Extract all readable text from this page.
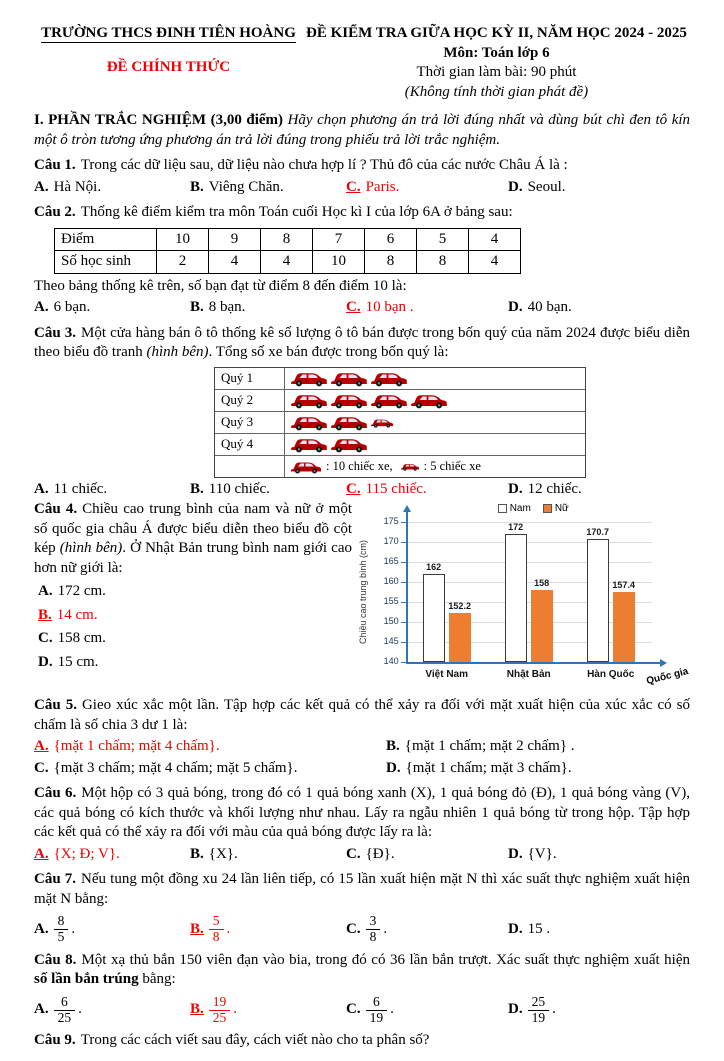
TRƯỜNG THCS ĐINH TIÊN HOÀNG
ĐỀ CHÍNH THỨC
ĐỀ KIỂM TRA GIỮA HỌC KỲ II, NĂM HỌC 2024 - 2025
Môn: Toán lớp 6
Thời gian làm bài: 90 phút
(Không tính thời gian phát đề)

I. PHẦN TRẮC NGHIỆM (3,00 điểm) Hãy chọn phương án trả lời đúng nhất và dùng bút chì đen tô kín một ô tròn tương ứng phương án trả lời đúng trong phiếu trả lời trắc nghiệm.

Câu 1. Trong các dữ liệu sau, dữ liệu nào chưa hợp lí ? Thủ đô của các nước Châu Á là :

A. Hà Nội.	B. Viêng Chăn.	C. Paris.	D. Seoul.

Câu 2. Thống kê điểm kiểm tra môn Toán cuối Học kì I của lớp 6A ở bảng sau:

Điểm	10	9	8	7	6	5	4
Số học sinh	2	4	4	10	8	8	4

Theo bảng thống kê trên, số bạn đạt từ điểm 8 đến điểm 10 là:

A. 6 bạn.	B. 8 bạn.	C. 10 bạn .	D. 40 bạn.

Câu 3. Một cửa hàng bán ô tô thống kê số lượng ô tô bán được trong bốn quý của năm 2024 được biểu diễn theo biểu đồ tranh (hình bên). Tổng số xe bán được trong bốn quý là:

Quý 1
Quý 2
Quý 3
Quý 4
: 10 chiếc xe, : 5 chiếc xe
A. 11 chiếc.	B. 110 chiếc.	C. 115 chiếc.	D. 12 chiếc.

Câu 4. Chiều cao trung bình của nam và nữ ở một số quốc gia châu Á được biểu diễn theo biểu đồ cột kép (hình bên). Ở Nhật Bản trung bình nam giới cao hơn nữ giới là:

A. 172 cm.
B. 14 cm.
C. 158 cm.
D. 15 cm.
Chiều cao trung bình (cm)
Nam Nữ
Quốc gia
140
145
150
155
160
165
170
175
162
152.2
Việt Nam
172
158
Nhật Bản
170.7
157.4
Hàn Quốc

Câu 5. Gieo xúc xắc một lần. Tập hợp các kết quả có thể xảy ra đối với mặt xuất hiện của xúc xắc có số chấm là số chia 3 dư 1 là:

A. {mặt 1 chấm; mặt 4 chấm}.	B. {mặt 1 chấm; mặt 2 chấm} .
C. {mặt 3 chấm; mặt 4 chấm; mặt 5 chấm}.	D. {mặt 1 chấm; mặt 3 chấm}.

Câu 6. Một hộp có 3 quả bóng, trong đó có 1 quả bóng xanh (X), 1 quả bóng đỏ (Đ), 1 quả bóng vàng (V), các quả bóng có kích thước và khối lượng như nhau. Lấy ra ngẫu nhiên 1 quả bóng từ trong hộp. Tập hợp các kết quả có thể xảy ra đối với màu của quả bóng được lấy ra là:

A. {X; Đ; V}.	B. {X}.	C. {Đ}.	D. {V}.

Câu 7. Nếu tung một đồng xu 24 lần liên tiếp, có 15 lần xuất hiện mặt N thì xác suất thực nghiệm xuất hiện mặt N bằng:

A. $\frac{8}{5}$ .	B. $\frac{5}{8}$ .	C. $\frac{3}{8}$ .	D. 15 .

Câu 8. Một xạ thủ bắn 150 viên đạn vào bia, trong đó có 36 lần bắn trượt. Xác suất thực nghiệm xuất hiện số lần bắn trúng bằng:

A. $\frac{6}{25}$ .	B. $\frac{19}{25}$ .	C. $\frac{6}{19}$ .	D. $\frac{25}{19}$ .

Câu 9. Trong các cách viết sau đây, cách viết nào cho ta phân số?
